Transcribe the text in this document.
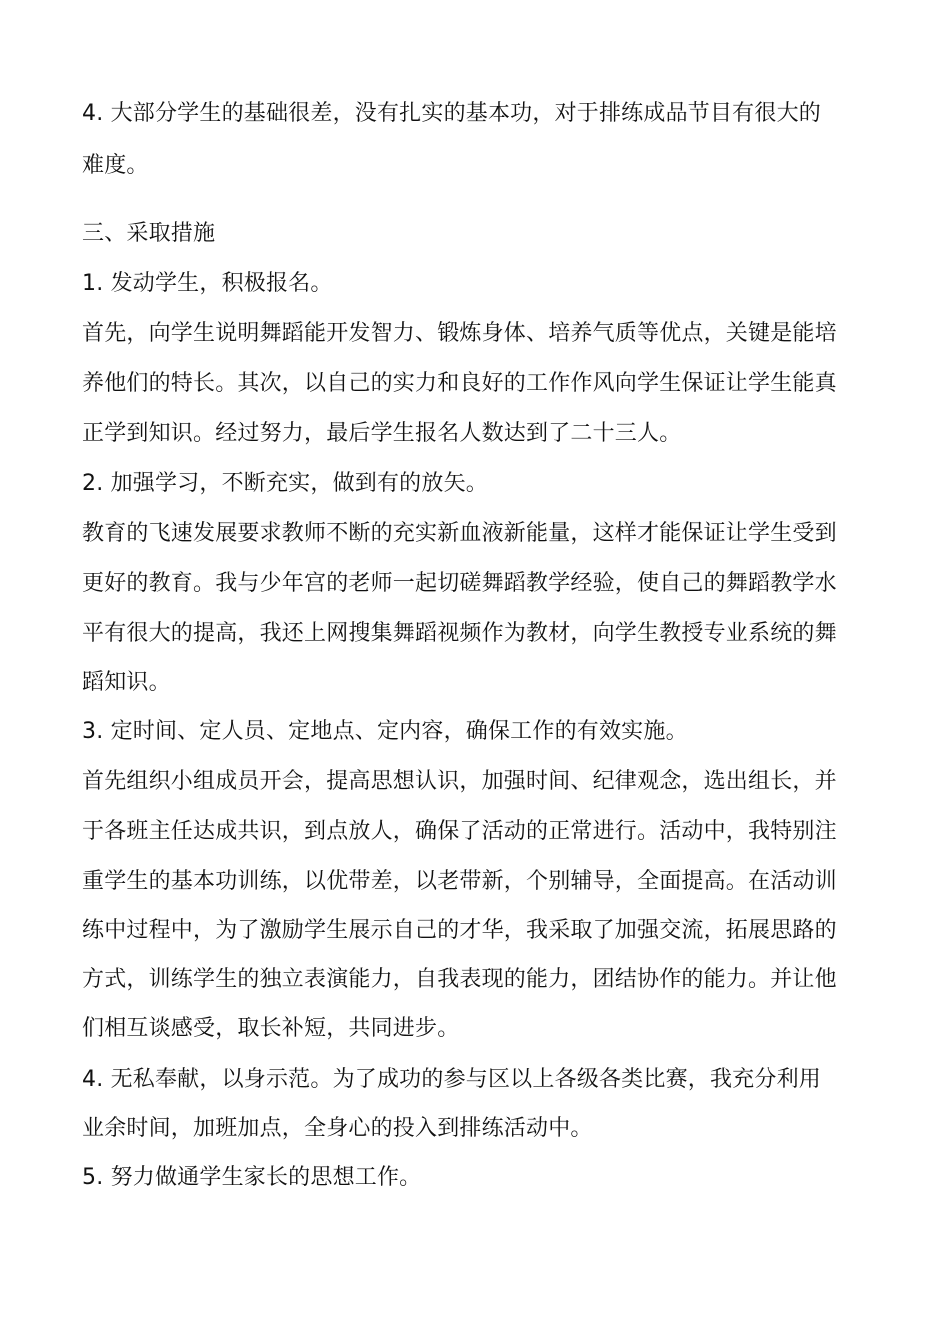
4. 大部分学生的基础很差，没有扎实的基本功，对于排练成品节目有很大的
难度。
三、采取措施
1. 发动学生，积极报名。
首先，向学生说明舞蹈能开发智力、锻炼身体、培养气质等优点，关键是能培
养他们的特长。其次，以自己的实力和良好的工作作风向学生保证让学生能真
正学到知识。经过努力，最后学生报名人数达到了二十三人。
2. 加强学习，不断充实，做到有的放矢。
教育的飞速发展要求教师不断的充实新血液新能量，这样才能保证让学生受到
更好的教育。我与少年宫的老师一起切磋舞蹈教学经验，使自己的舞蹈教学水
平有很大的提高，我还上网搜集舞蹈视频作为教材，向学生教授专业系统的舞
蹈知识。
3. 定时间、定人员、定地点、定内容，确保工作的有效实施。
首先组织小组成员开会，提高思想认识，加强时间、纪律观念，选出组长，并
于各班主任达成共识，到点放人，确保了活动的正常进行。活动中，我特别注
重学生的基本功训练，以优带差，以老带新，个别辅导，全面提高。在活动训
练中过程中，为了激励学生展示自己的才华，我采取了加强交流，拓展思路的
方式，训练学生的独立表演能力，自我表现的能力，团结协作的能力。并让他
们相互谈感受，取长补短，共同进步。
4. 无私奉献，以身示范。为了成功的参与区以上各级各类比赛，我充分利用
业余时间，加班加点，全身心的投入到排练活动中。
5. 努力做通学生家长的思想工作。
